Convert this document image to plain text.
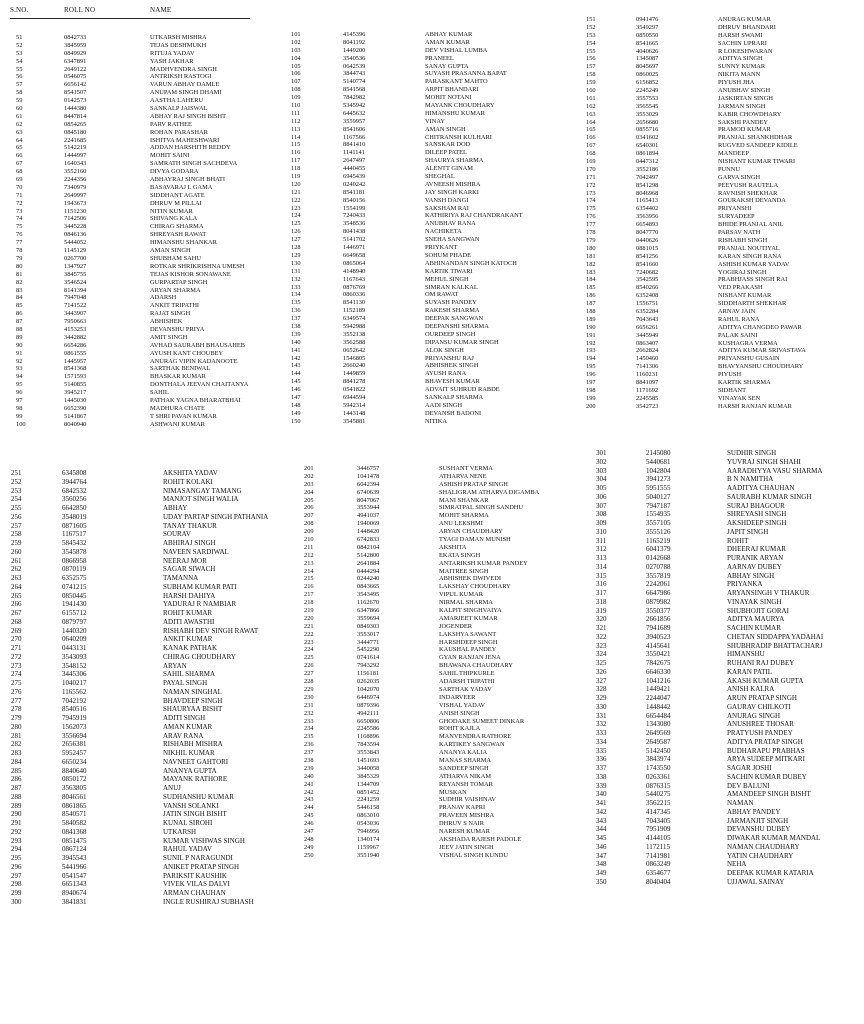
S.NO.	ROLL NO	NAME
51	0842733	UTKARSH MISHRA
52	3845959	TEJAS DESHMUKH
53	0849929	RITUJA YADAV
54	6347891	YASH JAKHAR
55	2649122	MADHVENDRA SINGH
56	0546075	ANTRIKSH RASTOGI
57	6656142	VARUN ABHAY DAMLE
58	8541507	ANUPAM SINGH DHAMI
59	0142573	AASTHA LAHERU
60	1444380	SANKALP JAISWAL
61	8447814	ABHAY RAJ SINGH BISHT
62	0854265	PARV RATHEE
63	0845180	ROHAN PARASHAR
64	2241685	ISHITVA MAHESHWARI
65	5142219	ADDAN HARSHITH REDDY
66	1444997	MOHIT SAINI
67	1640343	SAMRATH SINGH SACHDEVA
68	3552160	DIVYA GODARA
69	2244356	ABHAYRAJ SINGH BHATI
70	7340979	BASAVARAJ L GAMA
71	2649997	SIDDHANT AGATE
72	1943673	DHRUV M PILLAI
73	1151230	NITIN KUMAR
74	7142506	SHIVANG KALA
75	3445228	CHIRAG SHARMA
76	0846136	SHREYASH RAWAT
77	5444052	HIMANSHU SHANKAR
78	1145129	AMAN SINGH
79	0267700	SHUBHAM SAHU
80	1347927	ROTKAR SHRIKRISHNA UMESH
81	3845755	TEJAS KISHOR SONAWANE
82	3546524	GURPARTAP SINGH
83	8141394	ARYAN SHARMA
84	7947048	ADARSH
85	7141522	ANKIT TRIPATHI
86	3443907	RAJAT SINGH
87	7950663	ABHISHEK
88	4153253	DEVANSHU PRIYA
89	3442882	AMIT SINGH
90	6654286	AVHAD SAURABH BHAUSAHEB
91	0861555	AYUSH KANT CHOUBEY
92	1445957	ANURAG VIPIN KADANOOTE
93	8541368	SARTHAK BENIWAL
94	1571593	BHASKAR KUMAR
95	5140855	DONTHALA JEEVAN CHAITANYA
96	3945217	SAHIL
97	1445030	PATHAK YAGNA BHARATBHAI
98	6652390	MADHURA CHATE
99	5141867	T SHRI PAVAN KUMAR
100	8040940	ASHWANI KUMAR
101	4145396	ABHAY KUMAR
102	8041192	AMAN KUMAR
103	1449200	DEV VISHAL LUMBA
104	3540536	PRANEEL
105	0642539	SANAY GUPTA
106	3844743	SUYASH PRASANNA BAPAT
107	5140774	PARASKANT MAHTO
108	8541568	ARPIT BHANDARI
109	7842982	MOHIT NOTANI
110	5345942	MAYANK CHOUDHARY
111	6445632	HIMANSHU KUMAR
112	3559957	VINAY
113	8541606	AMAN SINGH
114	1167566	CHITRANSH KULHARI
115	8841410	SANSKAR DOD
116	1141141	DILEEP PATEL
117	2647497	SHAURYA SHARMA
118	4440455	ALENTT GINAM
119	6945439	SHEGHAL
120	0240242	AVNEESH MISHRA
121	8541181	JAY SINGH KARKI
122	8540156	VANSH DANGI
123	1554199	SAKSHAM RAI
124	7240433	KATHIRIYA RAJ CHANDRAKANT
125	3548536	ANUBHAV RANA
126	8041438	NACHIKETA
127	5141702	SNEHA SANGWAN
128	1446971	PRIYKANT
129	6649658	SOHUM PHADE
130	0865064	ABHINANDAN SINGH KATOCH
131	4148940	KARTIK TIWARI
132	1167643	MEHUL SINGH
133	0876769	SIMRAN KALKAL
134	0860336	OM RAWAT
135	8541130	SUYASH PANDEY
136	1152189	RAKESH SHARMA
137	6349574	DEEPAK SANGWAN
138	5942988	DEEPANSHI SHARMA
139	3552138	OURDEEP SINGH
140	3562588	DIPANSU KUMAR SINGH
141	0652642	ALOK SINGH
142	1546805	PRIYANSHU RAJ
143	2660240	ABHISHEK SINGH
144	1449859	AYUSH RANA
145	8841278	BHAVESH KUMAR
146	0541822	ADVAIT SUHRUD RABDE
147	6944594	SANKALP SHARMA
148	5942314	AADI SINGH
149	1443148	DEVANSH BADONI
150	3545881	NITIKA
151	0941476	ANURAG KUMAR
152	3549297	DHRUV BHANDARI
153	0850550	HARSH SWAMI
154	8541665	SACHIN UPRARI
155	4040626	R LOKESHWARAN
156	1345087	ADITYA SINGH
157	8045697	SUNNY KUMAR
158	0860025	NIKITA MANN
159	6156852	PIYUSH JHA
160	2245249	ANUBHAV SINGH
161	3557553	JASKIRTAN SINGH
162	3565545	JARMAN SINGH
163	3553029	KABIR CHOWDHARY
164	2656680	SAKSHI PANDEY
165	0855716	PRAMOD KUMAR
166	0341602	PRANJAL SHANKHDHAR
167	6540301	RUGVED SANDEEP KIDILE
168	0861894	MANDEEP
169	0447312	NISHANT KUMAR TIWARI
170	3552186	PUNNU
171	7042497	GARVA SINGH
172	8541298	PEEYUSH RAUTELA
173	8046968	RAVNISH SHEKHAR
174	1165413	GOURAKSH DEVANDA
175	6354402	PRIYANSHI
176	3563956	SURYADEEP
177	6654893	BHIDE PRANJAL ANIL
178	8047770	PARSAV NATH
179	0440626	RISHABH SINGH
180	0881015	PRANJAL NOUTIYAL
181	8541256	KARAN SINGH RANA
182	8541660	ASHISH KUMAR YADAV
183	7240682	YOGIRAJ SINGH
184	3542595	PRABHJASS SINGH RAI
185	8540266	VED PRAKASH
186	6352408	NISHANT KUMAR
187	1556751	SIDDHARTH SHEKHAR
188	6352284	ARNAV JAIN
189	7043643	RAHUL RANA
190	6656261	ADITYA CHANGDEO PAWAR
191	3445949	PALAK SAINI
192	0863407	KUSHAGRA VERMA
193	2662824	ADITYA KUMAR SRIVASTAVA
194	1450460	PRIYANSHU GUSAIN
195	7141306	BHAVYANSHU CHOUDHARY
196	1160231	PIYUSH
197	8841097	KARTIK SHARMA
198	1171692	SIDHANT
199	2245585	VINAYAK SEN
200	3542723	HARSH RANJAN KUMAR
251	6345808	AKSHITA YADAV
252	3944764	ROHIT KOLAKI
253	6842532	NIMASANGAY TAMANG
254	3560256	MANJOT SINGH WALIA
255	6642850	ABHAY
256	3548019	UDAY PARTAP SINGH PATHANIA
257	0871605	TANAY THAKUR
258	1167517	SOURAV
259	5845432	ABHIRAJ SINGH
260	3545878	NAVEEN SARDIWAL
261	0866958	NEERAJ MOR
262	0870119	SAGAR SIWACH
263	6352575	TAMANNA
264	0741215	SUBHAM KUMAR PATI
265	0850445	HARSH DAHIYA
266	1941430	YADURAJ R NAMBIAR
267	6155712	ROHIT KUMAR
268	0879797	ADITI AWASTHI
269	1440320	RISHABH DEV SINGH RAWAT
270	0640209	ANKIT KUMAR
271	0443131	KANAK PATHAK
272	3543093	CHIRAG CHOUDHARY
273	3548152	ARYAN
274	3445306	SAHIL SHARMA
275	1040217	PAYAL SINGH
276	1165562	NAMAN SINGHAL
277	7042192	BHAVDEEP SINGH
278	8540516	SHAURYAA BISHT
279	7945919	ADITI SINGH
280	1562073	AMAN KUMAR
281	3556694	ARAV RANA
282	2656381	RISHABH MISHRA
283	5952457	NIKHIL KUMAR
284	6650234	NAVNEET GAHTORI
285	8840640	ANANYA GUPTA
286	0850172	MAYANK RATHORE
287	3563805	ANUJ
288	8046561	SUDHANSHU KUMAR
289	0861865	VANSH SOLANKI
290	8540571	JATIN SINGH BISHT
291	5840582	KUNAL SIROHI
292	0841368	UTKARSH
293	0851475	KUMAR VISHWAS SINGH
294	0867124	RAHUL YADAV
295	3945543	SUNIL P NARAGUNDI
296	5441966	ANIKET PRATAP SINGH
297	0541547	PARIKSIT KAUSHIK
298	6651343	VIVEK VILAS DALVI
299	8940674	ARMAN CHAUHAN
300	3841831	INGLE RUSHIRAJ SUBHASH
201	3446757	SUSHANT VERMA
202	1041478	ATHARVA NENE
203	6042394	ASHISH PRATAP SINGH
204	6740639	SHALIGRAM ATHARVA DIGAMBA
205	8047067	MANI SHANKAR
206	3553944	SIMRATPAL SINGH SANDHU
207	4941037	MOHIT SHARMA
208	1940069	ANU LEKSHMI
209	1448420	ARYAN CHAUDHARY
210	6742833	TYAGI DAMAN MUNISH
211	0842104	AKSHITA
212	5142800	EKATA SINGH
213	2641884	ANTARIKSH KUMAR PANDEY
214	0444294	MAITREE SINGH
215	0244240	ABHISHEK DWIVEDI
216	0843665	LAKSHAY CHOUDHARY
217	3543495	VIPUL KUMAR
218	1162670	NIRMAL SHARMA
219	6347866	KALPIT SINGHVAIYA
220	3559694	AMARJEET KUMAR
221	0849303	JOGENDER
222	3553017	LAKSHYA SAWANT
223	3444771	HARSHDEEP SINGH
224	5452290	KAUSHAL PANDEY
225	0741614	GYAN RANJAN JENA
226	7943292	BHAWANA CHAUDHARY
227	1156181	SAHIL THIPKURLE
228	0262035	ADARSH TRIPATHI
229	1042070	SARTHAK YADAV
230	6446974	INDARVEER
231	0879396	VISHAL YADAV
232	4942111	ANISH SINGH
233	6650806	GHODAKE SUMEET DINKAR
234	2245586	ROHIT KAJLA
235	1168896	MANVENDRA RATHORE
236	7843594	KARTIKEY SANGWAN
237	3553843	ANANYA KALIA
238	1451693	MANAS SHARMA
239	3440058	SANDEEP SINGH
240	3845329	ATHARVA NIKAM
241	1344709	REYANSH TOMAR
242	0851452	MUSKAN
243	2241259	SUDHIR VAISHNAV
244	5446158	PRANAV KAPRI
245	0863010	PRAVEEN MISHRA
246	0543036	DHRUV S NAIR
247	7946956	NARESH KUMAR
248	1340174	AKSHADA RAJESH PADOLE
249	1159967	JEEV JATIN SINGH
250	3551940	VISHAL SINGH KUNDU
301	2145080	SUDHIR SINGH
302	5440681	YUVRAJ SINGH SHAHI
303	1042804	AARADHYYA VASU SHARMA
304	3941273	B N NAMITHA
305	5951555	AADITYA CHAUHAN
306	5040127	SAURABH KUMAR SINGH
307	7947187	SURAJ BHAGOUR
308	1554935	SHREYASH SINGH
309	3557105	AKSHDEEP SINGH
310	3555126	JAPIT SINGH
311	1165219	ROHIT
312	6041379	DHEERAJ KUMAR
313	0142668	PURANIK ARYAN
314	0270788	AARNAV DUBEY
315	3557819	ABHAY SINGH
316	2242061	PRIYANKA
317	6647986	ARYANSINGH V THAKUR
318	0879982	VINAYAK SINGH
319	3550377	SHUBHOJIT GORAI
320	2661856	ADITYA MAURYA
321	7941689	SACHIN KUMAR
322	3940523	CHETAN SIDDAPPA YADAHAI
323	4145641	SHUBHRADIP BHATTACHARJ
324	3550421	HIMANSHU
325	7842675	RUHANI RAJ DUBEY
326	6646330	KARAN PATIL
327	1041216	AKASH KUMAR GUPTA
328	1449421	ANISH KALRA
329	2244047	ARUN PRATAP SINGH
330	1448442	GAURAV CHILKOTI
331	6654484	ANURAG SINGH
332	1343080	ANUSHREE THOSAR
333	2649569	PRATYUSH PANDEY
334	2649587	ADITYA PRATAP SINGH
335	5142450	BUDHARAPU PRABHAS
336	3843974	ARYA SUDEEP MITKARI
337	1743550	SAGAR JOSHI
338	0263361	SACHIN KUMAR DUBEY
339	0876315	DEV BALUNI
340	5440275	AMANDEEP SINGH BISHT
341	3562215	NAMAN
342	4147345	ABHAY PANDEY
343	7043405	JARMANJIT SINGH
344	7951909	DEVANSHU DUBEY
345	4144105	DIWAKAR KUMAR MANDAL
346	1172115	NAMAN CHAUDHARY
347	7141981	YATIN CHAUDHARY
348	0863249	NEHA
349	6354677	DEEPAK KUMAR KATARIA
350	8040404	UJJAWAL SAINAY
